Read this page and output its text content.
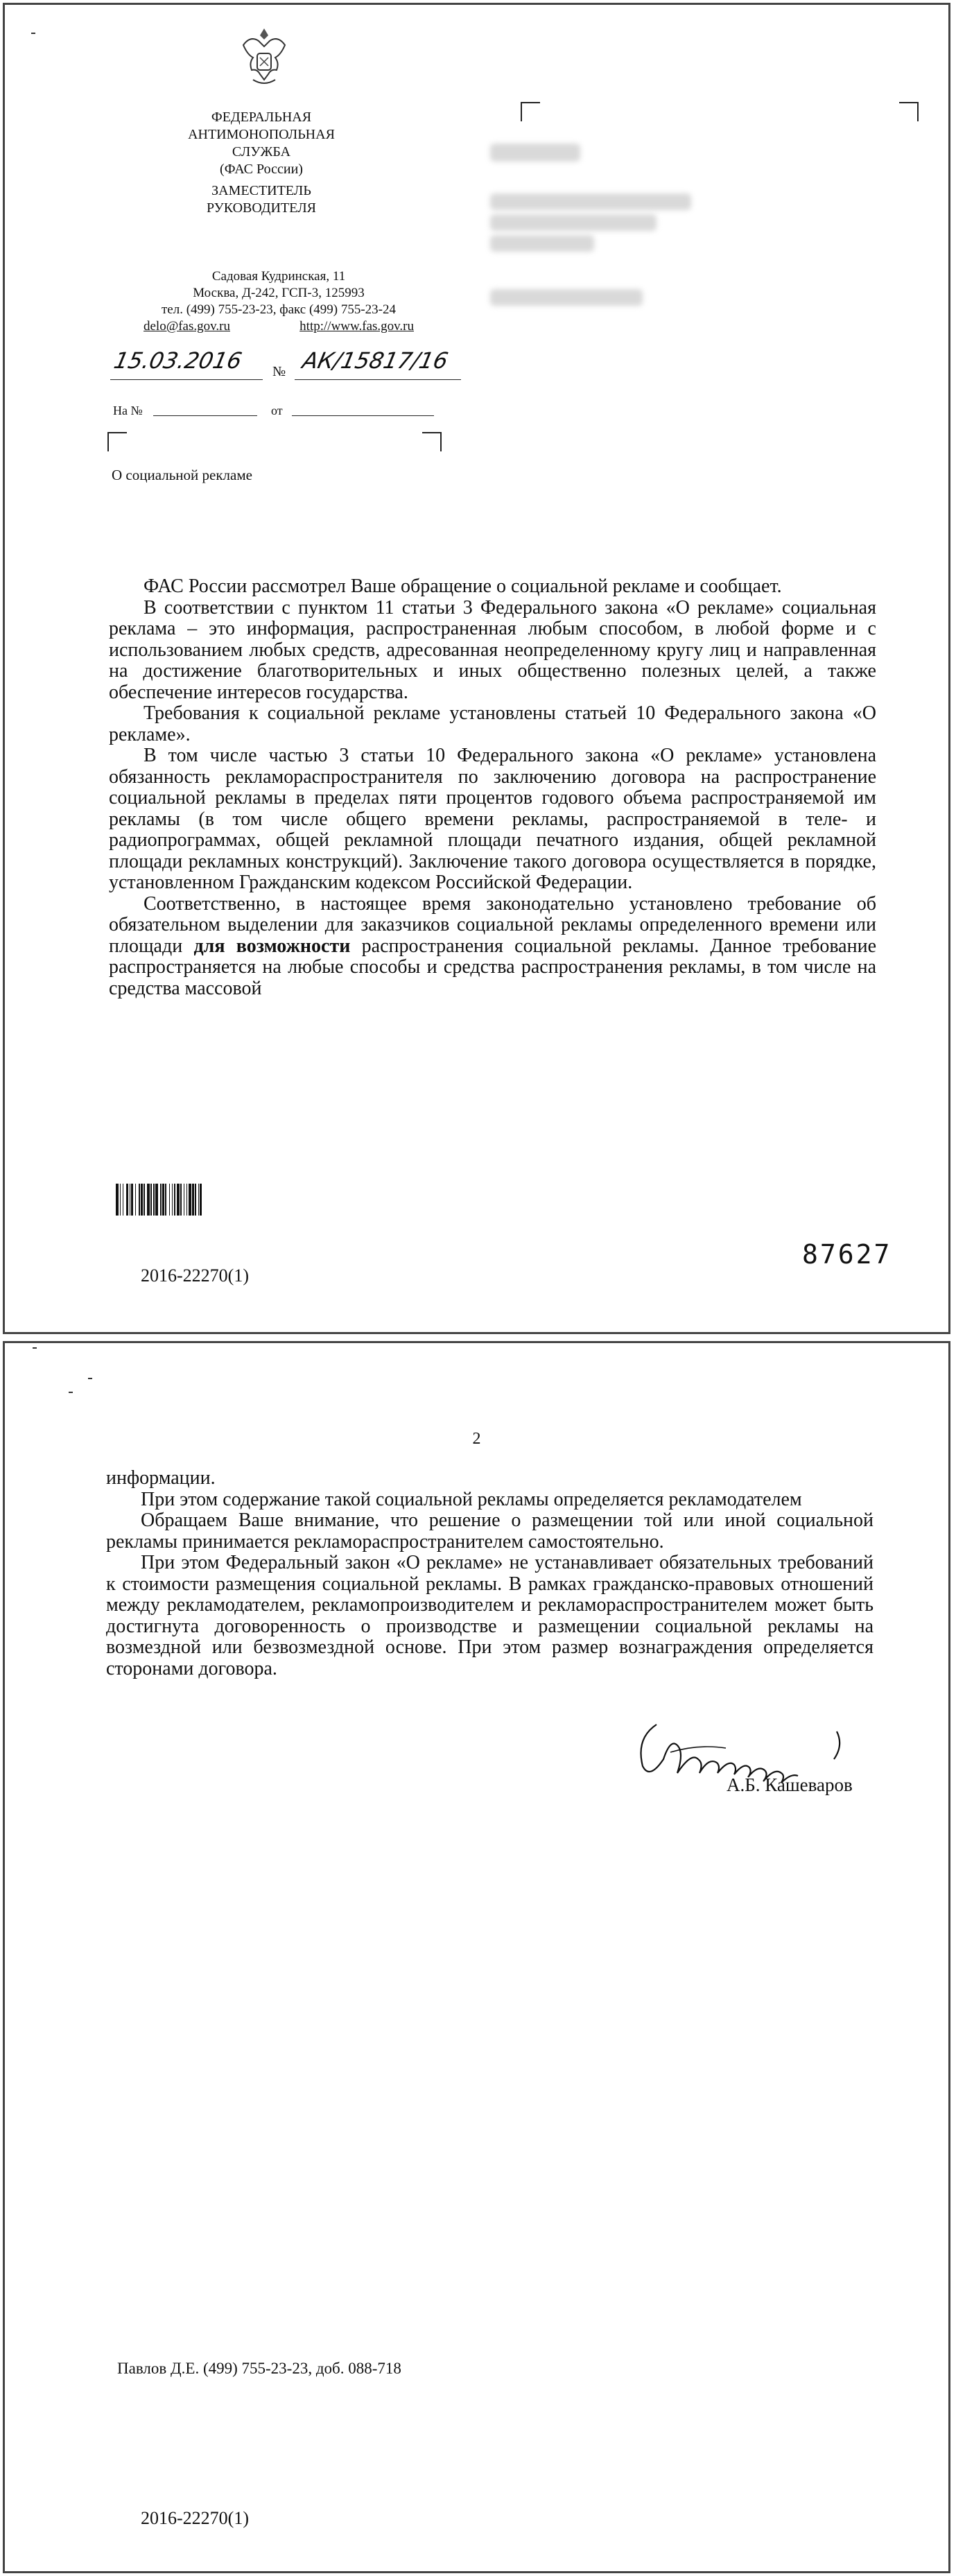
ФЕДЕРАЛЬНАЯ
АНТИМОНОПОЛЬНАЯ
СЛУЖБА
(ФАС России)
ЗАМЕСТИТЕЛЬ
РУКОВОДИТЕЛЯ
Садовая Кудринская, 11
Москва, Д-242, ГСП-3, 125993
тел. (499) 755-23-23, факс (499) 755-23-24
delo@fas.gov.ru	http://www.fas.gov.ru
15.03.2016 № АК/15817/16
На №	от
О социальной рекламе

ФАС России рассмотрел Ваше обращение о социальной рекламе и сообщает.

В соответствии с пунктом 11 статьи 3 Федерального закона «О рекламе» социальная реклама – это информация, распространенная любым способом, в любой форме и с использованием любых средств, адресованная неопределенному кругу лиц и направленная на достижение благотворительных и иных общественно полезных целей, а также обеспечение интересов государства.

Требования к социальной рекламе установлены статьей 10 Федерального закона «О рекламе».

В том числе частью 3 статьи 10 Федерального закона «О рекламе» установлена обязанность рекламораспространителя по заключению договора на распространение социальной рекламы в пределах пяти процентов годового объема распространяемой им рекламы (в том числе общего времени рекламы, распространяемой в теле- и радиопрограммах, общей рекламной площади печатного издания, общей рекламной площади рекламных конструкций). Заключение такого договора осуществляется в порядке, установленном Гражданским кодексом Российской Федерации.

Соответственно, в настоящее время законодательно установлено требование об обязательном выделении для заказчиков социальной рекламы определенного времени или площади для возможности распространения социальной рекламы. Данное требование распространяется на любые способы и средства распространения рекламы, в том числе на средства массовой

87627
2016-22270(1)
2

информации.

При этом содержание такой социальной рекламы определяется рекламодателем

Обращаем Ваше внимание, что решение о размещении той или иной социальной рекламы принимается рекламораспространителем самостоятельно.

При этом Федеральный закон «О рекламе» не устанавливает обязательных требований к стоимости размещения социальной рекламы. В рамках гражданско-правовых отношений между рекламодателем, рекламопроизводителем и рекламораспространителем может быть достигнута договоренность о производстве и размещении социальной рекламы на возмездной или безвозмездной основе. При этом размер вознаграждения определяется сторонами договора.

А.Б. Кашеваров
Павлов Д.Е. (499) 755-23-23, доб. 088-718
2016-22270(1)
